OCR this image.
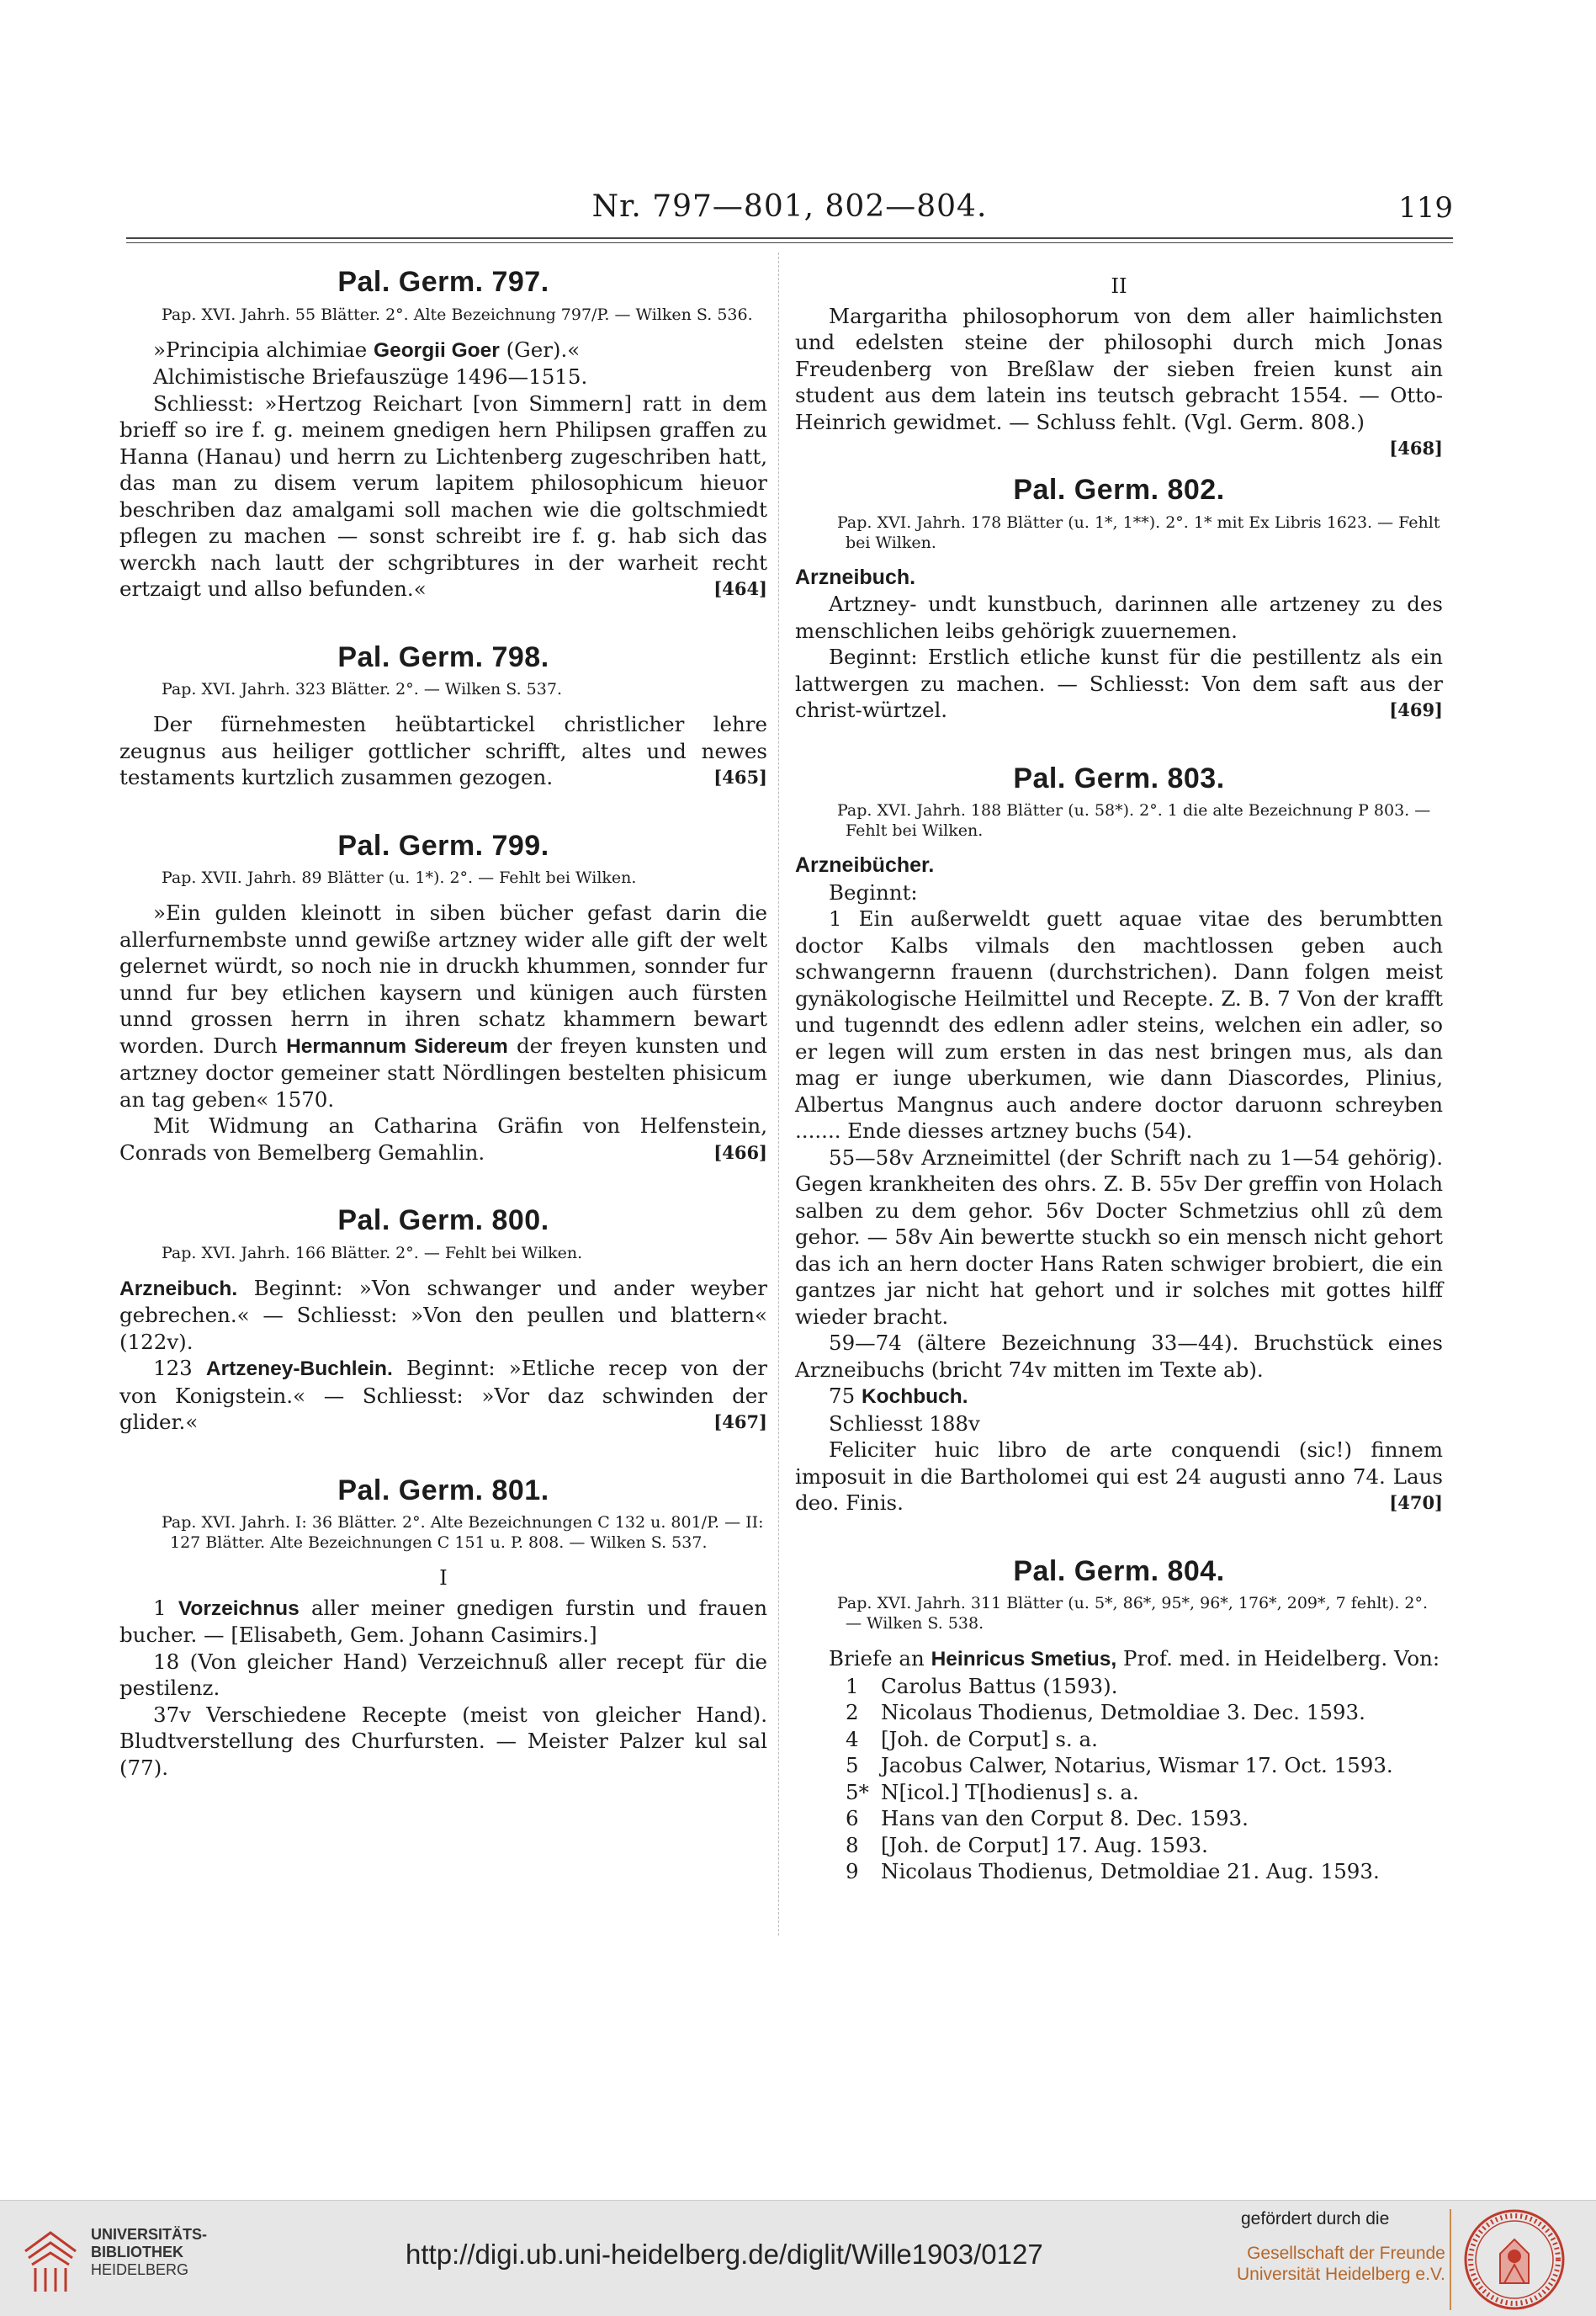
Nr. 797—801, 802—804.	119
Pal. Germ. 797.
Pap. XVI. Jahrh. 55 Blätter. 2°. Alte Bezeichnung 797/P. — Wilken S. 536.

»Principia alchimiae Georgii Goer (Ger).«

Alchimistische Briefauszüge 1496—1515.

Schliesst: »Hertzog Reichart [von Simmern] ratt in dem brieff so ire f. g. meinem gnedigen hern Philipsen graffen zu Hanna (Hanau) und herrn zu Lichtenberg zugeschriben hatt, das man zu disem verum lapitem philosophicum hieuor beschriben daz amalgami soll machen wie die goltschmiedt pflegen zu machen — sonst schreibt ire f. g. hab sich das werckh nach lautt der schgribtures in der warheit recht ertzaigt und allso befunden.«	[464]

Pal. Germ. 798.
Pap. XVI. Jahrh. 323 Blätter. 2°. — Wilken S. 537.

Der fürnehmesten heübtartickel christlicher lehre zeugnus aus heiliger gottlicher schrifft, altes und newes testaments kurtzlich zusammen gezogen.	[465]

Pal. Germ. 799.
Pap. XVII. Jahrh. 89 Blätter (u. 1*). 2°. — Fehlt bei Wilken.

»Ein gulden kleinott in siben bücher gefast darin die allerfurnembste unnd gewiße artzney wider alle gift der welt gelernet würdt, so noch nie in druckh khummen, sonnder fur unnd fur bey etlichen kaysern und künigen auch fürsten unnd grossen herrn in ihren schatz khammern bewart worden. Durch Hermannum Sidereum der freyen kunsten und artzney doctor gemeiner statt Nördlingen bestelten phisicum an tag geben« 1570.

Mit Widmung an Catharina Gräfin von Helfenstein, Conrads von Bemelberg Gemahlin.	[466]

Pal. Germ. 800.
Pap. XVI. Jahrh. 166 Blätter. 2°. — Fehlt bei Wilken.

Arzneibuch. Beginnt: »Von schwanger und ander weyber gebrechen.« — Schliesst: »Von den peullen und blattern« (122v).

123 Artzeney-Buchlein. Beginnt: »Etliche recep von der von Konigstein.« — Schliesst: »Vor daz schwinden der glider.«	[467]

Pal. Germ. 801.
Pap. XVI. Jahrh. I: 36 Blätter. 2°. Alte Bezeichnungen C 132 u. 801/P. — II: 127 Blätter. Alte Bezeichnungen C 151 u. P. 808. — Wilken S. 537.

I

1 Vorzeichnus aller meiner gnedigen furstin und frauen bucher. — [Elisabeth, Gem. Johann Casimirs.]

18 (Von gleicher Hand) Verzeichnuß aller recept für die pestilenz.

37v Verschiedene Recepte (meist von gleicher Hand). Bludtverstellung des Churfursten. — Meister Palzer kul sal (77).

II

Margaritha philosophorum von dem aller haimlichsten und edelsten steine der philosophi durch mich Jonas Freudenberg von Breßlaw der sieben freien kunst ain student aus dem latein ins teutsch gebracht 1554. — Otto-Heinrich gewidmet. — Schluss fehlt. (Vgl. Germ. 808.)
[468]

Pal. Germ. 802.
Pap. XVI. Jahrh. 178 Blätter (u. 1*, 1**). 2°. 1* mit Ex Libris 1623. — Fehlt bei Wilken.

Arzneibuch.

Artzney- undt kunstbuch, darinnen alle artzeney zu des menschlichen leibs gehörigk zuuernemen.

Beginnt: Erstlich etliche kunst für die pestillentz als ein lattwergen zu machen. — Schliesst: Von dem saft aus der christ-würtzel.	[469]

Pal. Germ. 803.
Pap. XVI. Jahrh. 188 Blätter (u. 58*). 2°. 1 die alte Bezeichnung P 803. — Fehlt bei Wilken.

Arzneibücher.

Beginnt:

1 Ein außerweldt guett aquae vitae des berumbtten doctor Kalbs vilmals den machtlossen geben auch schwangernn frauenn (durchstrichen). Dann folgen meist gynäkologische Heilmittel und Recepte. Z. B. 7 Von der krafft und tugenndt des edlenn adler steins, welchen ein adler, so er legen will zum ersten in das nest bringen mus, als dan mag er iunge uberkumen, wie dann Diascordes, Plinius, Albertus Mangnus auch andere doctor daruonn schreyben ....... Ende diesses artzney buchs (54).

55—58v Arzneimittel (der Schrift nach zu 1—54 gehörig). Gegen krankheiten des ohrs. Z. B. 55v Der greffin von Holach salben zu dem gehor. 56v Docter Schmetzius ohll zû dem gehor. — 58v Ain bewertte stuckh so ein mensch nicht gehort das ich an hern docter Hans Raten schwiger brobiert, die ein gantzes jar nicht hat gehort und ir solches mit gottes hilff wieder bracht.

59—74 (ältere Bezeichnung 33—44). Bruchstück eines Arzneibuchs (bricht 74v mitten im Texte ab).

75 Kochbuch.

Schliesst 188v

Feliciter huic libro de arte conquendi (sic!) finnem imposuit in die Bartholomei qui est 24 augusti anno 74. Laus deo. Finis.	[470]

Pal. Germ. 804.
Pap. XVI. Jahrh. 311 Blätter (u. 5*, 86*, 95*, 96*, 176*, 209*, 7 fehlt). 2°. — Wilken S. 538.

Briefe an Heinricus Smetius, Prof. med. in Heidelberg. Von:

1	Carolus Battus (1593).
2	Nicolaus Thodienus, Detmoldiae 3. Dec. 1593.
4	[Joh. de Corput] s. a.
5	Jacobus Calwer, Notarius, Wismar 17. Oct. 1593.
5* N[icol.] T[hodienus] s. a.
6	Hans van den Corput 8. Dec. 1593.
8	[Joh. de Corput] 17. Aug. 1593.
9	Nicolaus Thodienus, Detmoldiae 21. Aug. 1593.
UNIVERSITÄTS-
BIBLIOTHEK
HEIDELBERG	http://digi.ub.uni-heidelberg.de/diglit/Wille1903/0127
gefördert durch die
Gesellschaft der Freunde
Universität Heidelberg e.V.
